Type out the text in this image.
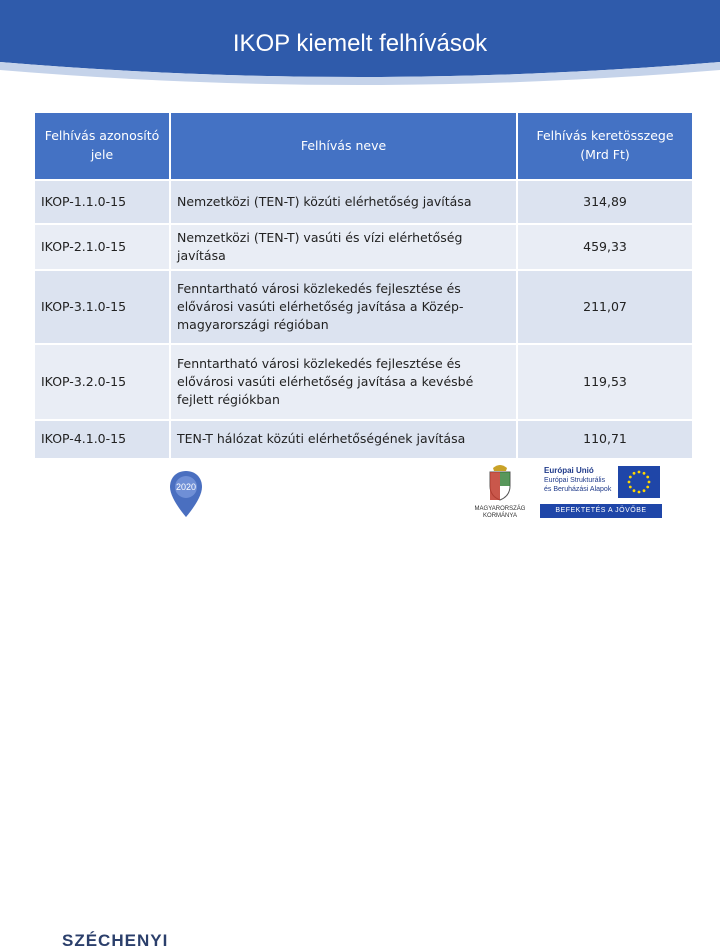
IKOP kiemelt felhívások
Felhívás azonosító jele	Felhívás neve	Felhívás keretösszege (Mrd Ft)
IKOP-1.1.0-15	Nemzetközi (TEN-T) közúti elérhetőség javítása	314,89
IKOP-2.1.0-15	Nemzetközi (TEN-T) vasúti és vízi elérhetőség javítása	459,33
IKOP-3.1.0-15	Fenntartható városi közlekedés fejlesztése és elővárosi vasúti elérhetőség javítása a Közép-magyarországi régióban	211,07
IKOP-3.2.0-15	Fenntartható városi közlekedés fejlesztése és elővárosi vasúti elérhetőség javítása a kevésbé fejlett régiókban	119,53
IKOP-4.1.0-15	TEN-T hálózat közúti elérhetőségének javítása	110,71
SZÉCHENYI
2020
MAGYARORSZÁG
KORMÁNYA
Európai Unió
Európai Strukturális
és Beruházási Alapok
BEFEKTETÉS A JÖVŐBE
